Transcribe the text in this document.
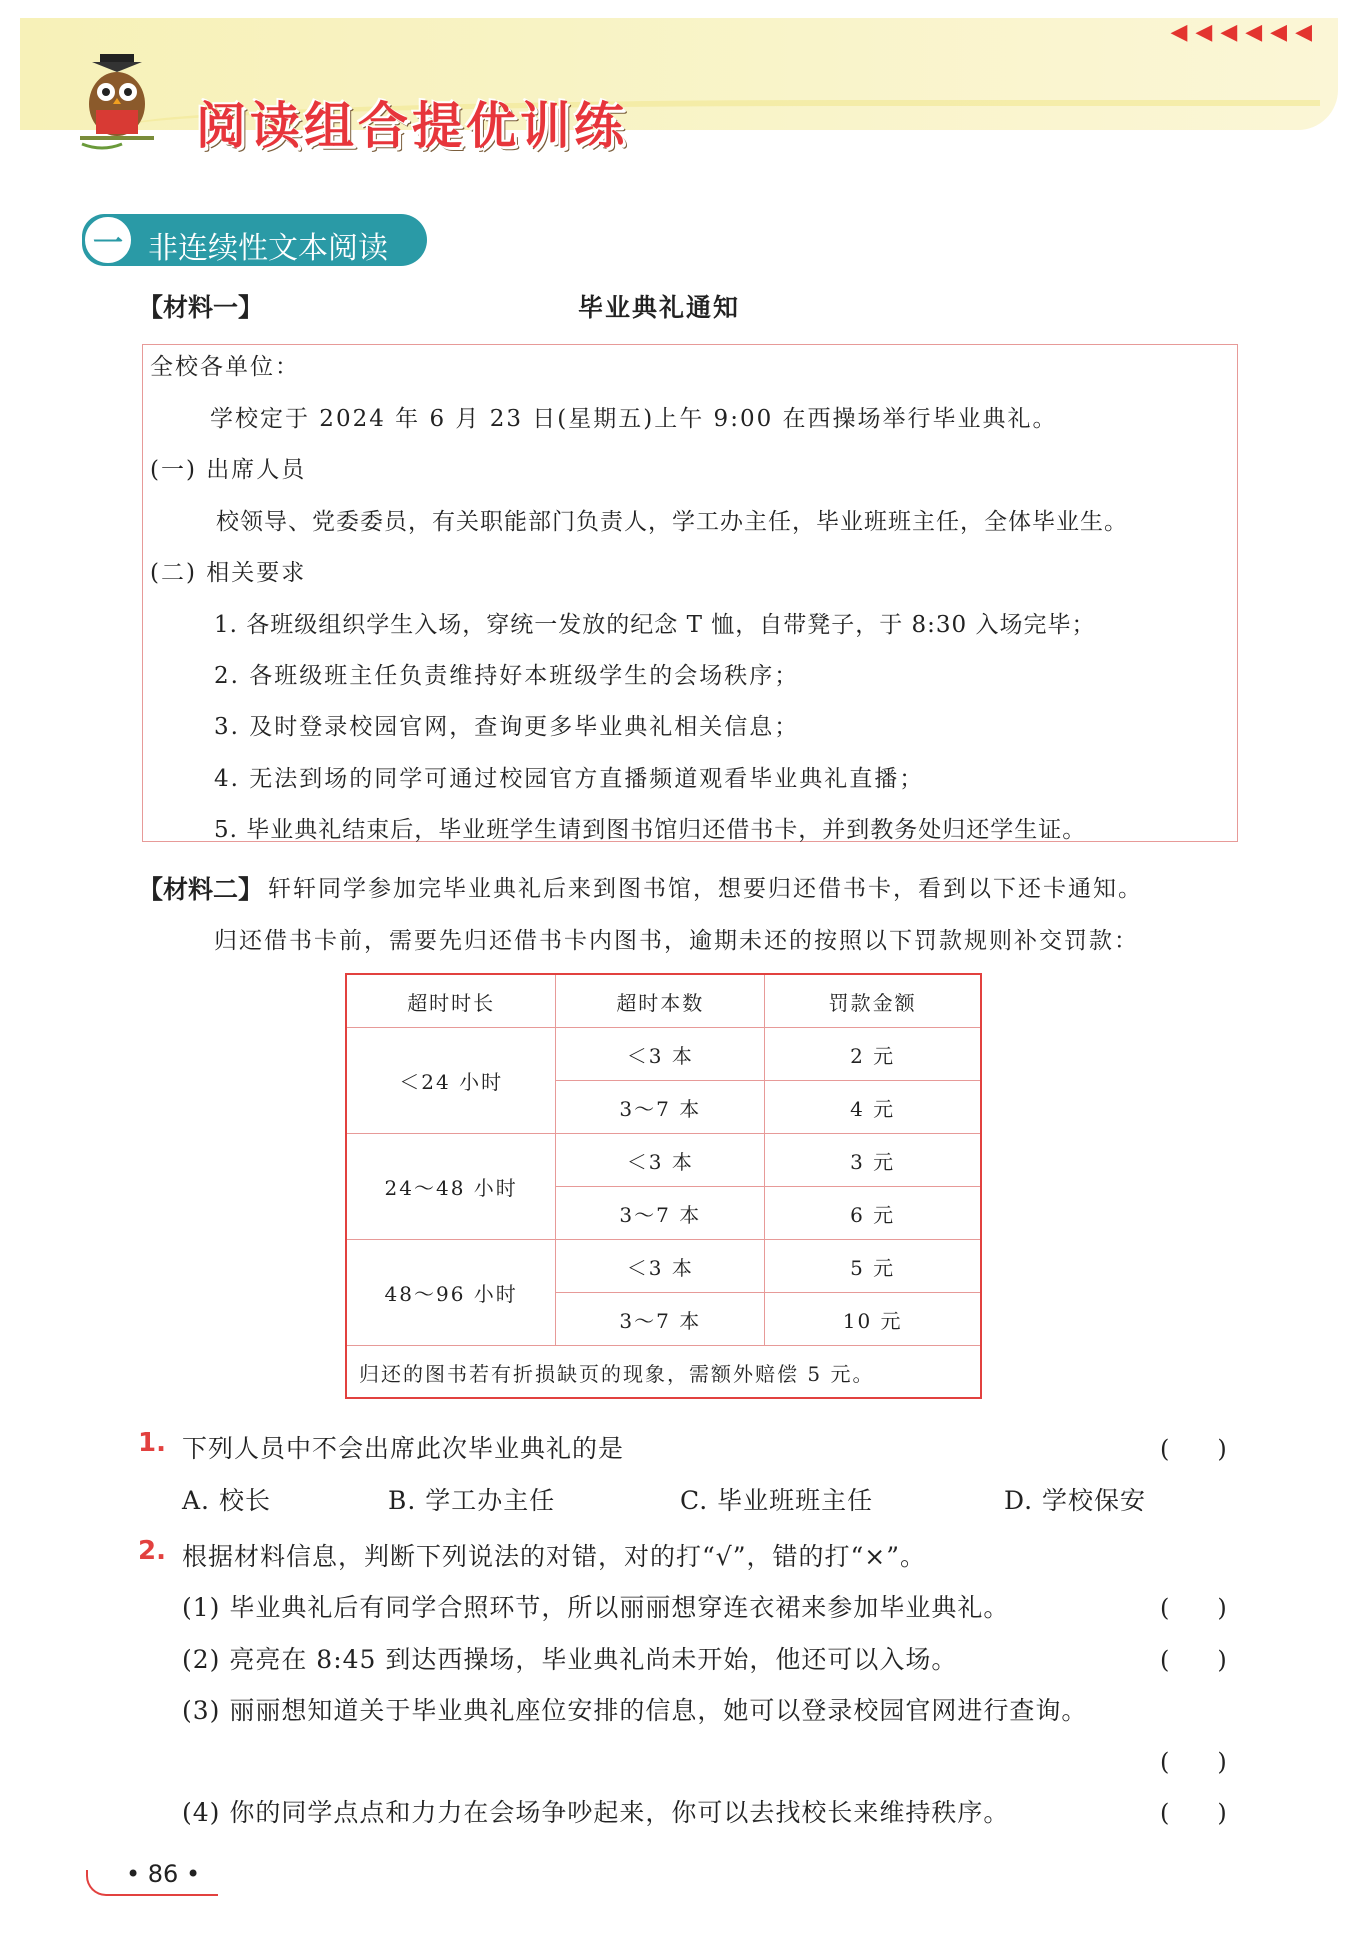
◀◀◀◀◀◀
阅读组合提优训练
一 非连续性文本阅读
【材料一】	毕业典礼通知
全校各单位：
学校定于 2024 年 6 月 23 日(星期五)上午 9:00 在西操场举行毕业典礼。
(一) 出席人员
校领导、党委委员，有关职能部门负责人，学工办主任，毕业班班主任，全体毕业生。
(二) 相关要求
1. 各班级组织学生入场，穿统一发放的纪念 T 恤，自带凳子，于 8:30 入场完毕；
2. 各班级班主任负责维持好本班级学生的会场秩序；
3. 及时登录校园官网，查询更多毕业典礼相关信息；
4. 无法到场的同学可通过校园官方直播频道观看毕业典礼直播；
5. 毕业典礼结束后，毕业班学生请到图书馆归还借书卡，并到教务处归还学生证。
【材料二】 轩轩同学参加完毕业典礼后来到图书馆，想要归还借书卡，看到以下还卡通知。
归还借书卡前，需要先归还借书卡内图书，逾期未还的按照以下罚款规则补交罚款：
超时时长	超时本数	罚款金额
＜24 小时	＜3 本	2 元
	3～7 本	4 元
24～48 小时	＜3 本	3 元
	3～7 本	6 元
48～96 小时	＜3 本	5 元
	3～7 本	10 元
归还的图书若有折损缺页的现象，需额外赔偿 5 元。		
1. 下列人员中不会出席此次毕业典礼的是	(　　)
A. 校长	B. 学工办主任	C. 毕业班班主任	D. 学校保安
2. 根据材料信息，判断下列说法的对错，对的打“√”，错的打“×”。
(1) 毕业典礼后有同学合照环节，所以丽丽想穿连衣裙来参加毕业典礼。	(　　)
(2) 亮亮在 8:45 到达西操场，毕业典礼尚未开始，他还可以入场。	(　　)
(3) 丽丽想知道关于毕业典礼座位安排的信息，她可以登录校园官网进行查询。
(　　)
(4) 你的同学点点和力力在会场争吵起来，你可以去找校长来维持秩序。	(　　)
• 86 •
